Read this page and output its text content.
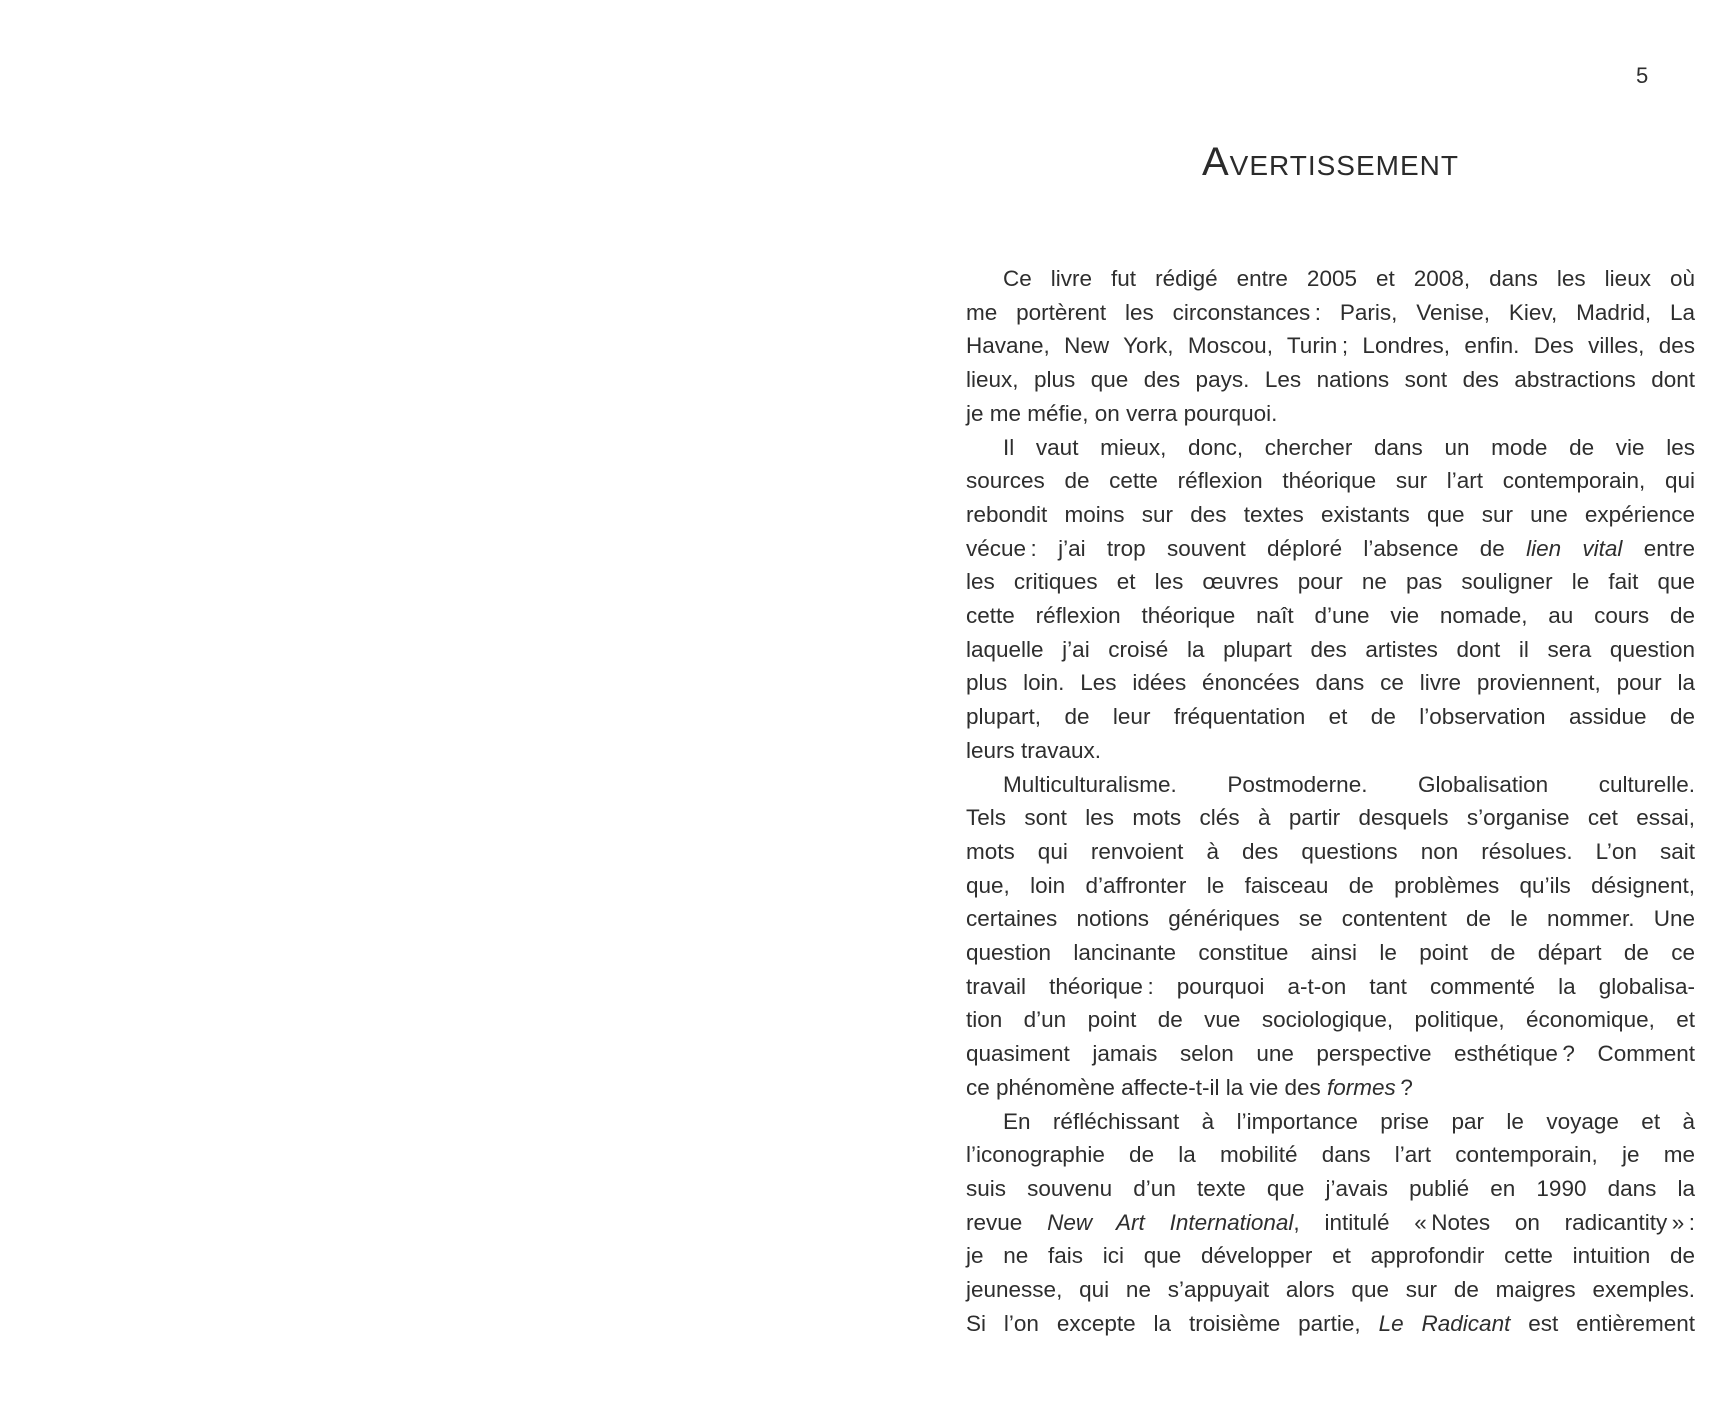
5
Avertissement
Ce livre fut rédigé entre 2005 et 2008, dans les lieux où
me portèrent les circonstances : Paris, Venise, Kiev, Madrid, La
Havane, New York, Moscou, Turin ; Londres, enfin. Des villes, des
lieux, plus que des pays. Les nations sont des abstractions dont
je me méfie, on verra pourquoi.
Il vaut mieux, donc, chercher dans un mode de vie les
sources de cette réflexion théorique sur l’art contemporain, qui
rebondit moins sur des textes existants que sur une expérience
vécue : j’ai trop souvent déploré l’absence de lien vital entre
les critiques et les œuvres pour ne pas souligner le fait que
cette réflexion théorique naît d’une vie nomade, au cours de
laquelle j’ai croisé la plupart des artistes dont il sera question
plus loin. Les idées énoncées dans ce livre proviennent, pour la
plupart, de leur fréquentation et de l’observation assidue de
leurs travaux.
Multiculturalisme. Postmoderne. Globalisation culturelle.
Tels sont les mots clés à partir desquels s’organise cet essai,
mots qui renvoient à des questions non résolues. L’on sait
que, loin d’affronter le faisceau de problèmes qu’ils désignent,
certaines notions génériques se contentent de le nommer. Une
question lancinante constitue ainsi le point de départ de ce
travail théorique : pourquoi a-t-on tant commenté la globalisa-
tion d’un point de vue sociologique, politique, économique, et
quasiment jamais selon une perspective esthétique ? Comment
ce phénomène affecte-t-il la vie des formes ?
En réfléchissant à l’importance prise par le voyage et à
l’iconographie de la mobilité dans l’art contemporain, je me
suis souvenu d’un texte que j’avais publié en 1990 dans la
revue New Art International, intitulé « Notes on radicantity » :
je ne fais ici que développer et approfondir cette intuition de
jeunesse, qui ne s’appuyait alors que sur de maigres exemples.
Si l’on excepte la troisième partie, Le Radicant est entièrement
